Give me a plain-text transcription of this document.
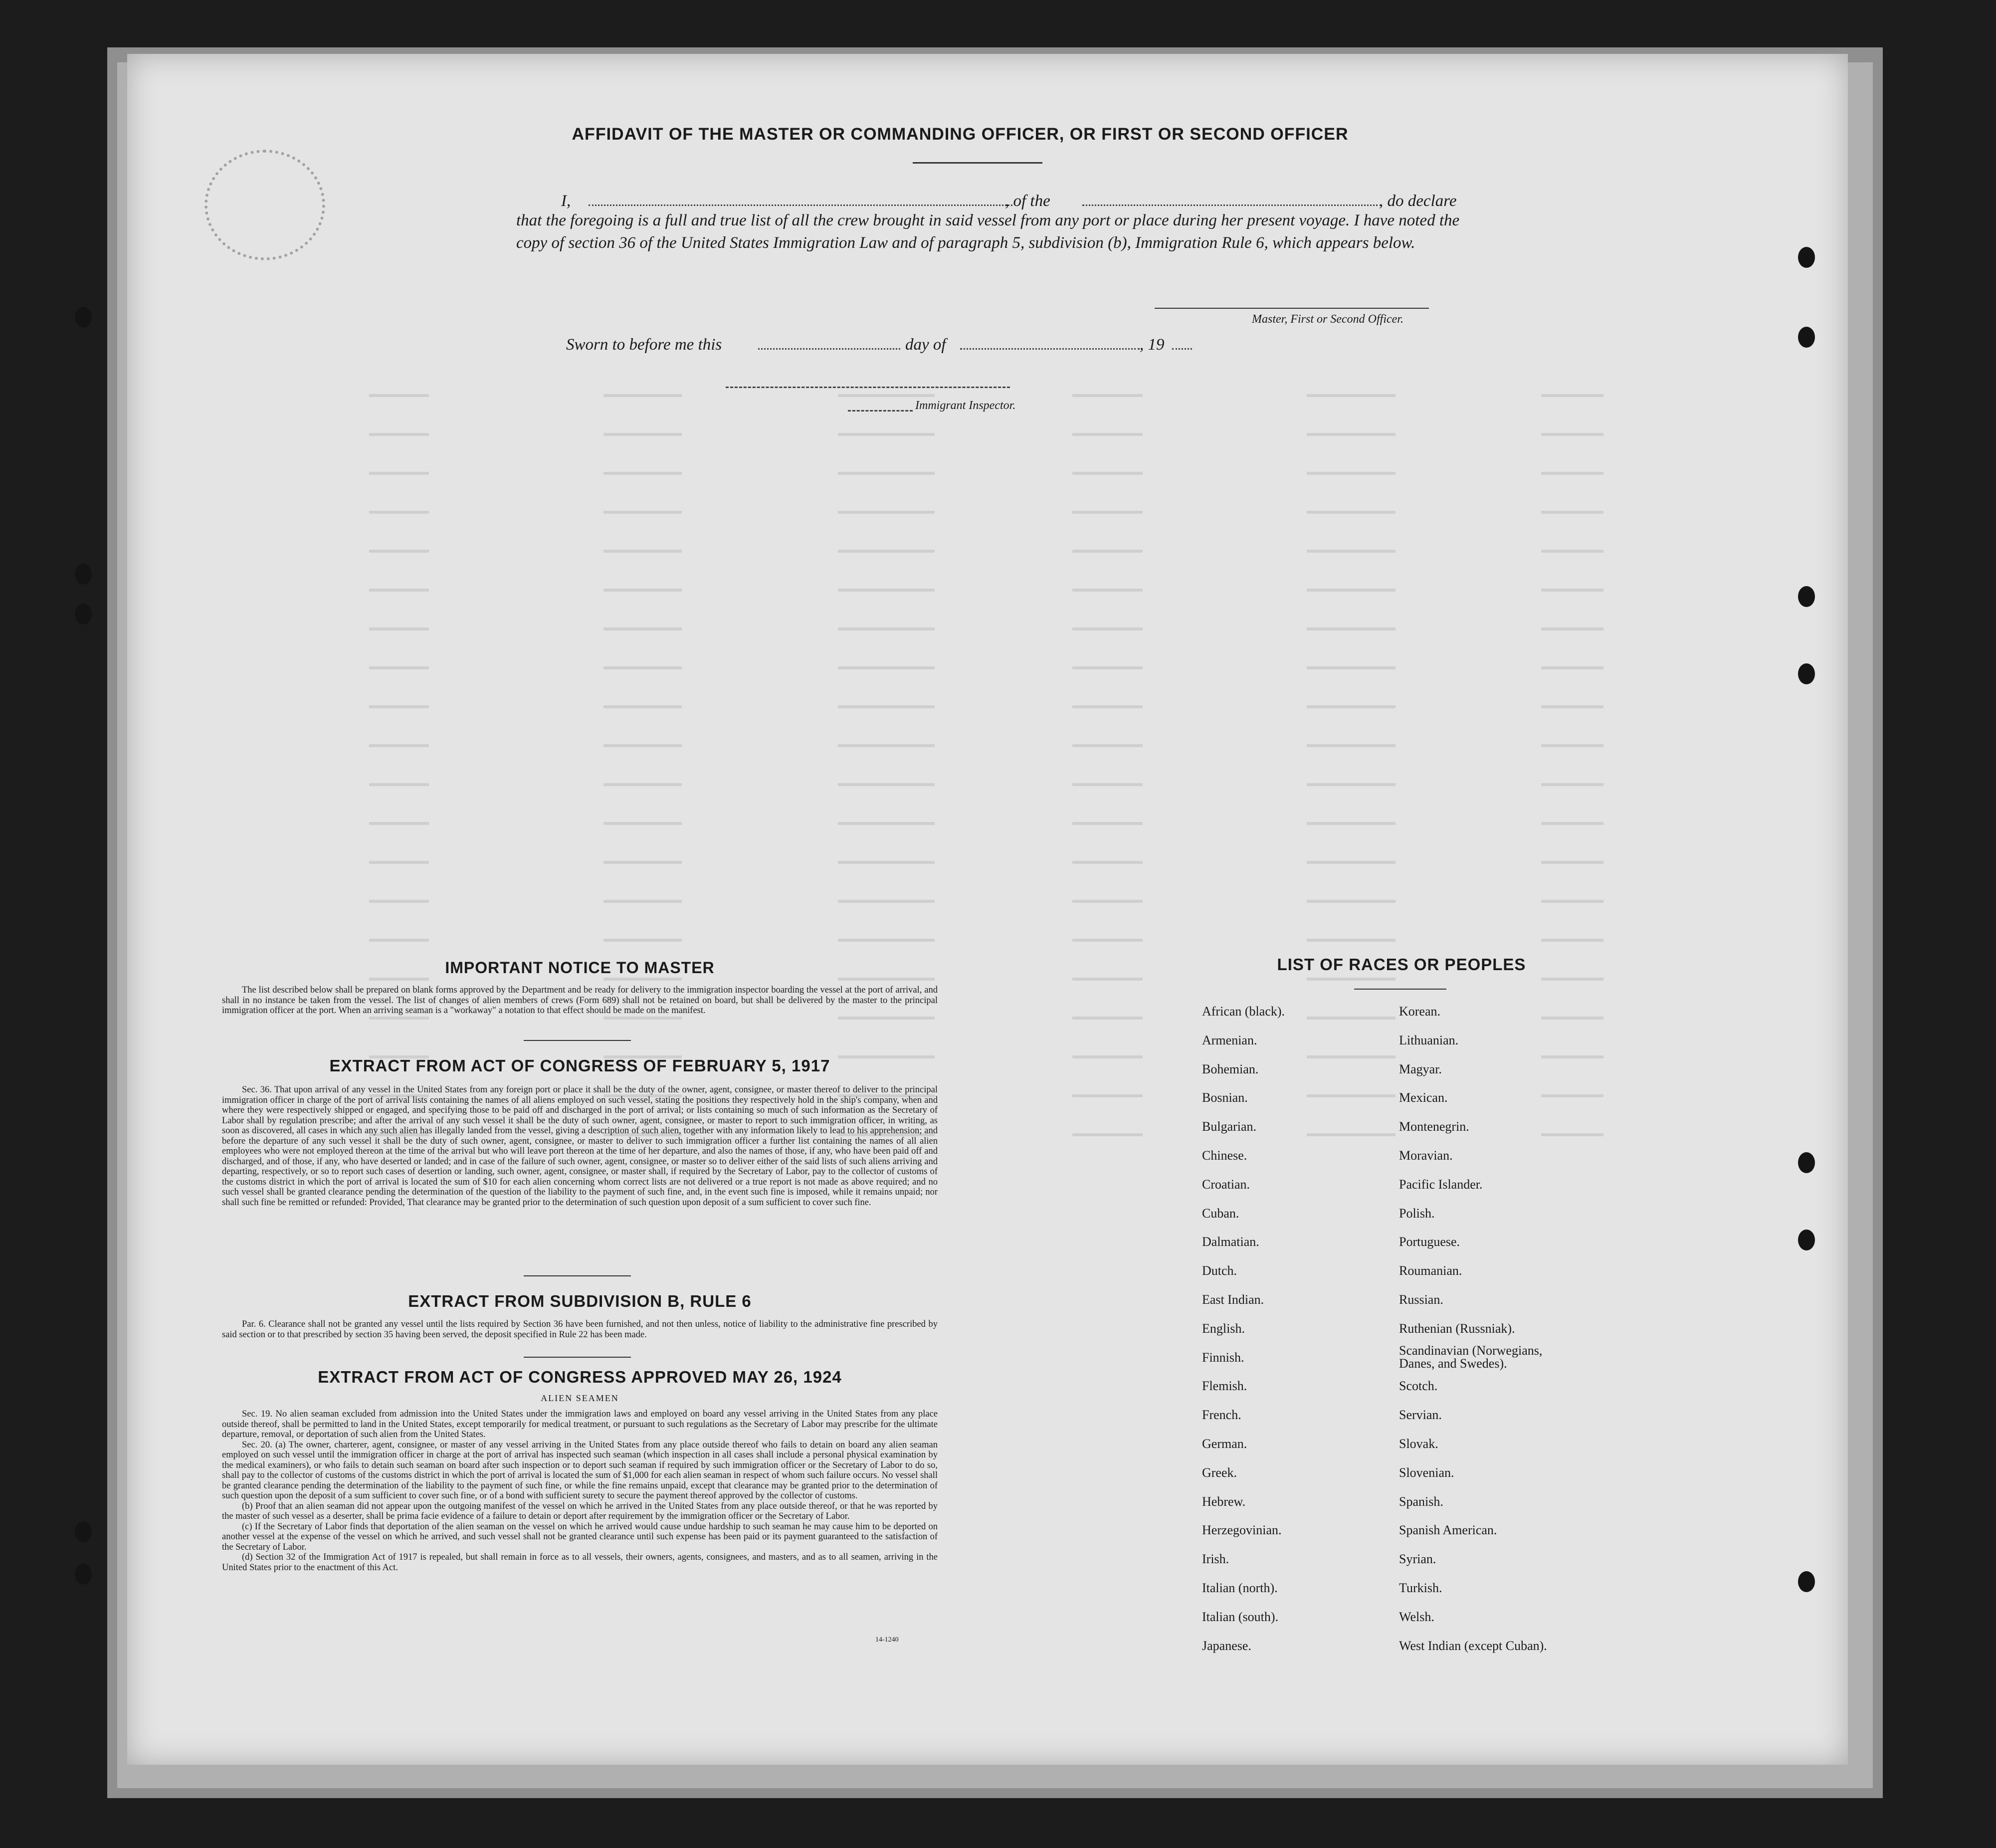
AFFIDAVIT OF THE MASTER OR COMMANDING OFFICER, OR FIRST OR SECOND OFFICER
I,	, of the	, do declare
that the foregoing is a full and true list of all the crew brought in said vessel from any port or place during her present voyage. I have noted the copy of section 36 of the United States Immigration Law and of paragraph 5, subdivision (b), Immigration Rule 6, which appears below.
Master, First or Second Officer.
Sworn to before me this	day of	, 19
Immigrant Inspector.
IMPORTANT NOTICE TO MASTER

The list described below shall be prepared on blank forms approved by the Department and be ready for delivery to the immigration inspector boarding the vessel at the port of arrival, and shall in no instance be taken from the vessel. The list of changes of alien members of crews (Form 689) shall not be retained on board, but shall be delivered by the master to the principal immigration officer at the port. When an arriving seaman is a "workaway" a notation to that effect should be made on the manifest.

EXTRACT FROM ACT OF CONGRESS OF FEBRUARY 5, 1917

Sec. 36. That upon arrival of any vessel in the United States from any foreign port or place it shall be the duty of the owner, agent, consignee, or master thereof to deliver to the principal immigration officer in charge of the port of arrival lists containing the names of all aliens employed on such vessel, stating the positions they respectively hold in the ship's company, when and where they were respectively shipped or engaged, and specifying those to be paid off and discharged in the port of arrival; or lists containing so much of such information as the Secretary of Labor shall by regulation prescribe; and after the arrival of any such vessel it shall be the duty of such owner, agent, consignee, or master to report to such immigration officer, in writing, as soon as discovered, all cases in which any such alien has illegally landed from the vessel, giving a description of such alien, together with any information likely to lead to his apprehension; and before the departure of any such vessel it shall be the duty of such owner, agent, consignee, or master to deliver to such immigration officer a further list containing the names of all alien employees who were not employed thereon at the time of the arrival but who will leave port thereon at the time of her departure, and also the names of those, if any, who have been paid off and discharged, and of those, if any, who have deserted or landed; and in case of the failure of such owner, agent, consignee, or master so to deliver either of the said lists of such aliens arriving and departing, respectively, or so to report such cases of desertion or landing, such owner, agent, consignee, or master shall, if required by the Secretary of Labor, pay to the collector of customs of the customs district in which the port of arrival is located the sum of $10 for each alien concerning whom correct lists are not delivered or a true report is not made as above required; and no such vessel shall be granted clearance pending the determination of the question of the liability to the payment of such fine, and, in the event such fine is imposed, while it remains unpaid; nor shall such fine be remitted or refunded: Provided, That clearance may be granted prior to the determination of such question upon deposit of a sum sufficient to cover such fine.

EXTRACT FROM SUBDIVISION B, RULE 6

Par. 6. Clearance shall not be granted any vessel until the lists required by Section 36 have been furnished, and not then unless, notice of liability to the administrative fine prescribed by said section or to that prescribed by section 35 having been served, the deposit specified in Rule 22 has been made.

EXTRACT FROM ACT OF CONGRESS APPROVED MAY 26, 1924
ALIEN SEAMEN

Sec. 19. No alien seaman excluded from admission into the United States under the immigration laws and employed on board any vessel arriving in the United States from any place outside thereof, shall be permitted to land in the United States, except temporarily for medical treatment, or pursuant to such regulations as the Secretary of Labor may prescribe for the ultimate departure, removal, or deportation of such alien from the United States.

Sec. 20. (a) The owner, charterer, agent, consignee, or master of any vessel arriving in the United States from any place outside thereof who fails to detain on board any alien seaman employed on such vessel until the immigration officer in charge at the port of arrival has inspected such seaman (which inspection in all cases shall include a personal physical examination by the medical examiners), or who fails to detain such seaman on board after such inspection or to deport such seaman if required by such immigration officer or the Secretary of Labor to do so, shall pay to the collector of customs of the customs district in which the port of arrival is located the sum of $1,000 for each alien seaman in respect of whom such failure occurs. No vessel shall be granted clearance pending the determination of the liability to the payment of such fine, or while the fine remains unpaid, except that clearance may be granted prior to the determination of such question upon the deposit of a sum sufficient to cover such fine, or of a bond with sufficient surety to secure the payment thereof approved by the collector of customs.

(b) Proof that an alien seaman did not appear upon the outgoing manifest of the vessel on which he arrived in the United States from any place outside thereof, or that he was reported by the master of such vessel as a deserter, shall be prima facie evidence of a failure to detain or deport after requirement by the immigration officer or the Secretary of Labor.

(c) If the Secretary of Labor finds that deportation of the alien seaman on the vessel on which he arrived would cause undue hardship to such seaman he may cause him to be deported on another vessel at the expense of the vessel on which he arrived, and such vessel shall not be granted clearance until such expense has been paid or its payment guaranteed to the satisfaction of the Secretary of Labor.

(d) Section 32 of the Immigration Act of 1917 is repealed, but shall remain in force as to all vessels, their owners, agents, consignees, and masters, and as to all seamen, arriving in the United States prior to the enactment of this Act.

14-1240
LIST OF RACES OR PEOPLES
African (black).
Armenian.
Bohemian.
Bosnian.
Bulgarian.
Chinese.
Croatian.
Cuban.
Dalmatian.
Dutch.
East Indian.
English.
Finnish.
Flemish.
French.
German.
Greek.
Hebrew.
Herzegovinian.
Irish.
Italian (north).
Italian (south).
Japanese.
Korean.
Lithuanian.
Magyar.
Mexican.
Montenegrin.
Moravian.
Pacific Islander.
Polish.
Portuguese.
Roumanian.
Russian.
Ruthenian (Russniak).
Scandinavian (Norwegians, Danes, and Swedes).
Scotch.
Servian.
Slovak.
Slovenian.
Spanish.
Spanish American.
Syrian.
Turkish.
Welsh.
West Indian (except Cuban).
